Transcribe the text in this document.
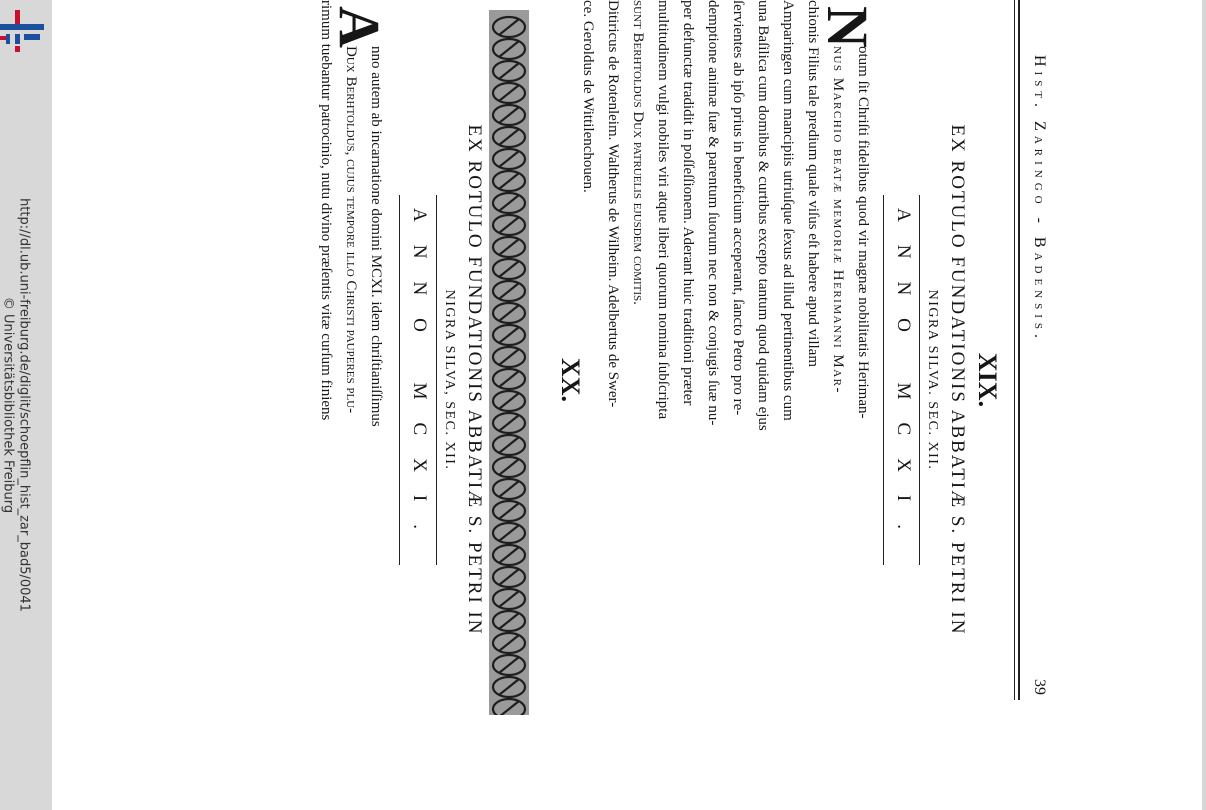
http://dl.ub.uni-freiburg.de/diglit/schoepflin_hist_zar_bad5/0041
© Universitätsbibliothek Freiburg
Hist. Zaringo - Badensis.
39
XIX.
EX ROTULO FUNDATIONIS ABBATIÆ S. PETRI IN
NIGRA SILVA. SEC. XII.
ANNO MCXI.
N
otum ſit Chriſti fidelibus quod vir magnæ nobilitatis Heriman-
nus Marchio beatæ memoriæ Herimanni Mar-
chionis Filius tale predium quale viſus eſt habere apud villam
Amparingen cum mancipiis utriuſque ſexus ad illud pertinentibus cum
una Baſilica cum domibus & curtibus excepto tantum quod quidam ejus
ſervientes ab ipſo prius in beneficium acceperant, ſancto Petro pro re-
demptione animæ ſuæ & parentum ſuorum nec non & conjugis ſuæ nu-
per defunctæ tradidit in poſſeſſionem. Aderant huic traditioni præter
multitudinem vulgi nobiles viri atque liberi quorum nomina ſubſcripta
ſunt Berhtoldus Dux patruelis ejusdem comitis.
Ditiricus de Rotenleim. Waltherus de Wilheim. Adelbertus de Swer-
ce. Geroldus de Wittilenchouen.
XX.
EX ROTULO FUNDATIONIS ABBATIÆ S. PETRI IN
NIGRA SILVA, SEC. XII.
ANNO MCXI.
A
nno autem ab incarnatione domini MCXI. idem chriſtianiſſimus
Dux Berhtoldus, cujus tempore illo Chriſti pauperes plu-
rimum tuebantur patrocinio, nutu divino præſentis vitæ curſum finiens
